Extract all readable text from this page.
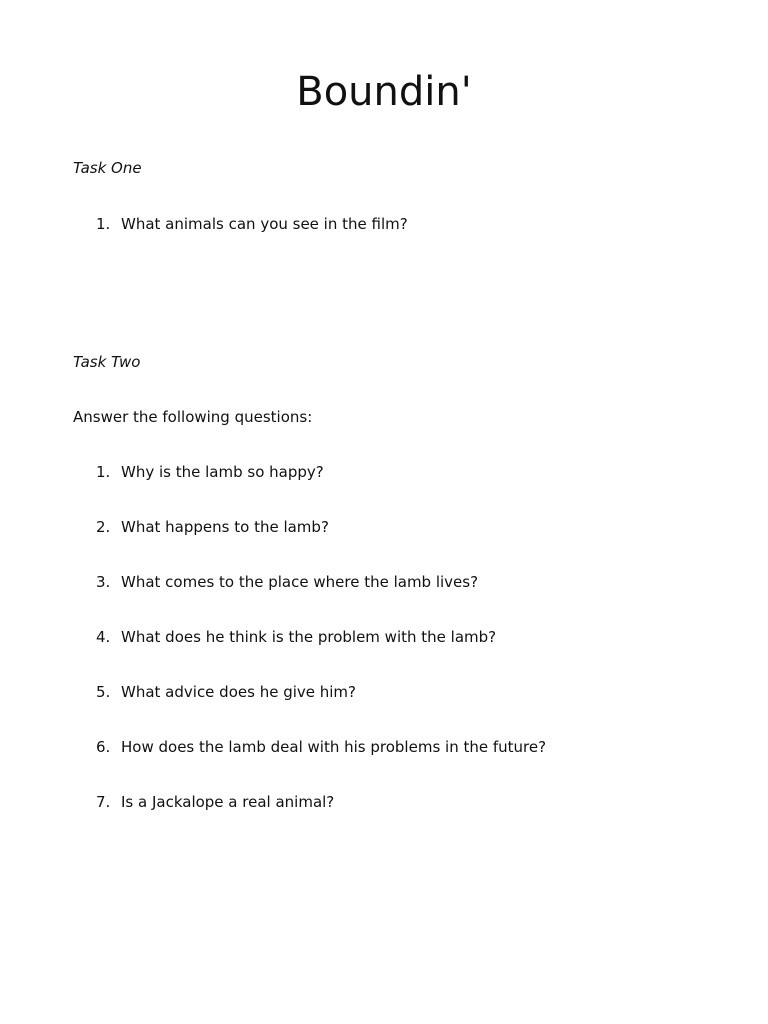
Boundin'

Task One

1. What animals can you see in the film?

Task Two

Answer the following questions:

1. Why is the lamb so happy?
2. What happens to the lamb?
3. What comes to the place where the lamb lives?
4. What does he think is the problem with the lamb?
5. What advice does he give him?
6. How does the lamb deal with his problems in the future?
7. Is a Jackalope a real animal?
